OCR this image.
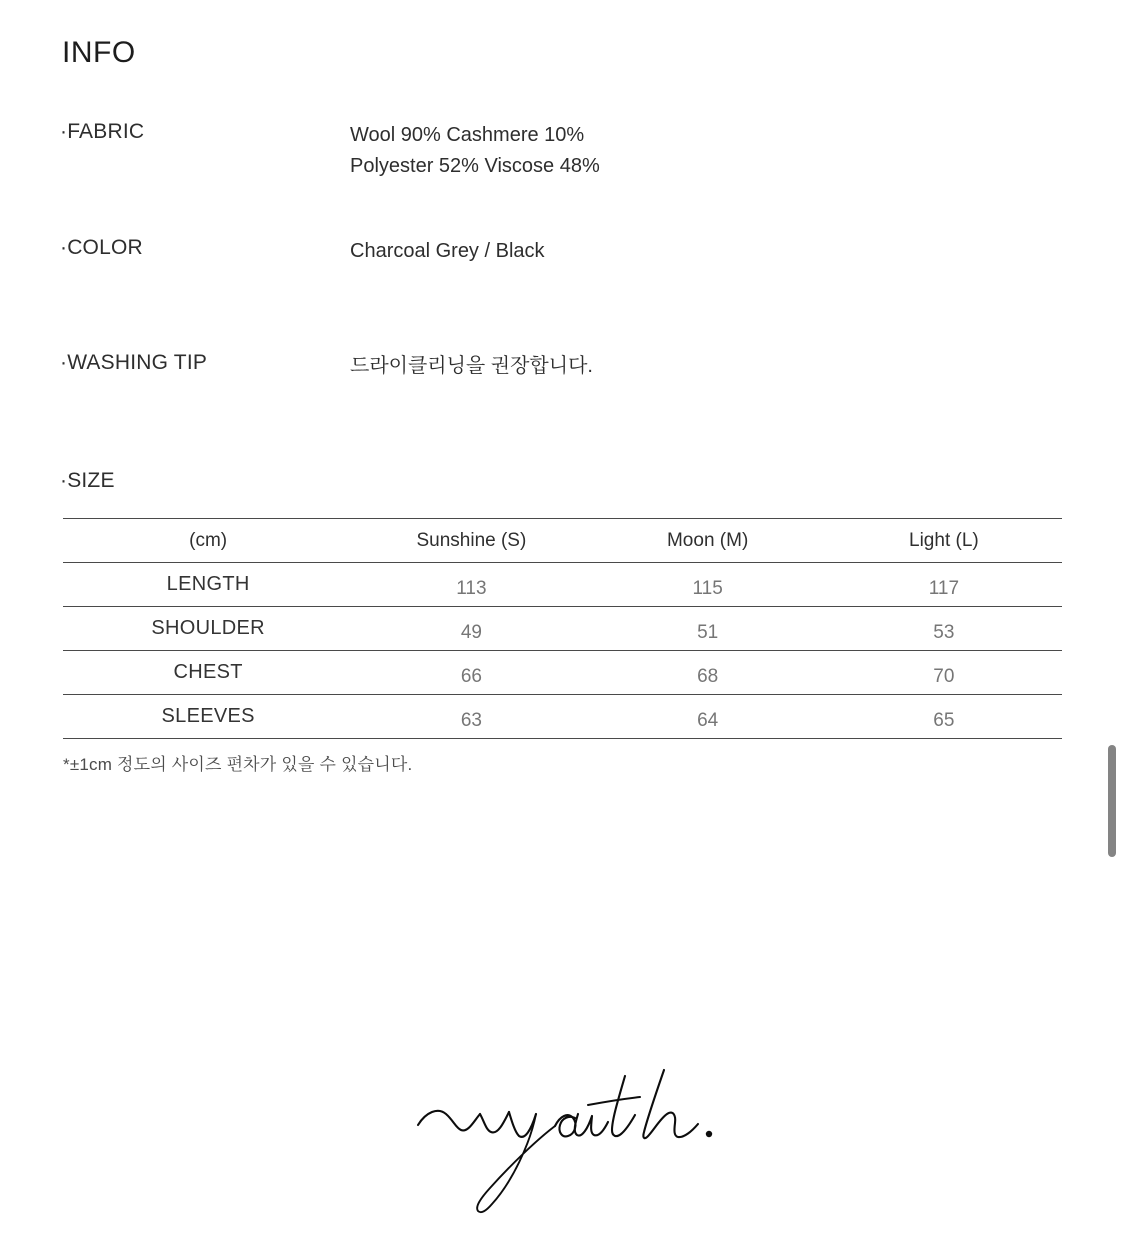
INFO
·FABRIC	Wool 90% Cashmere 10%
Polyester 52% Viscose 48%
·COLOR	Charcoal Grey / Black
·WASHING TIP	드라이클리닝을 권장합니다.
·SIZE
(cm)	Sunshine (S)	Moon (M)	Light (L)
LENGTH	113	115	117
SHOULDER	49	51	53
CHEST	66	68	70
SLEEVES	63	64	65
*±1cm 정도의 사이즈 편차가 있을 수 있습니다.
